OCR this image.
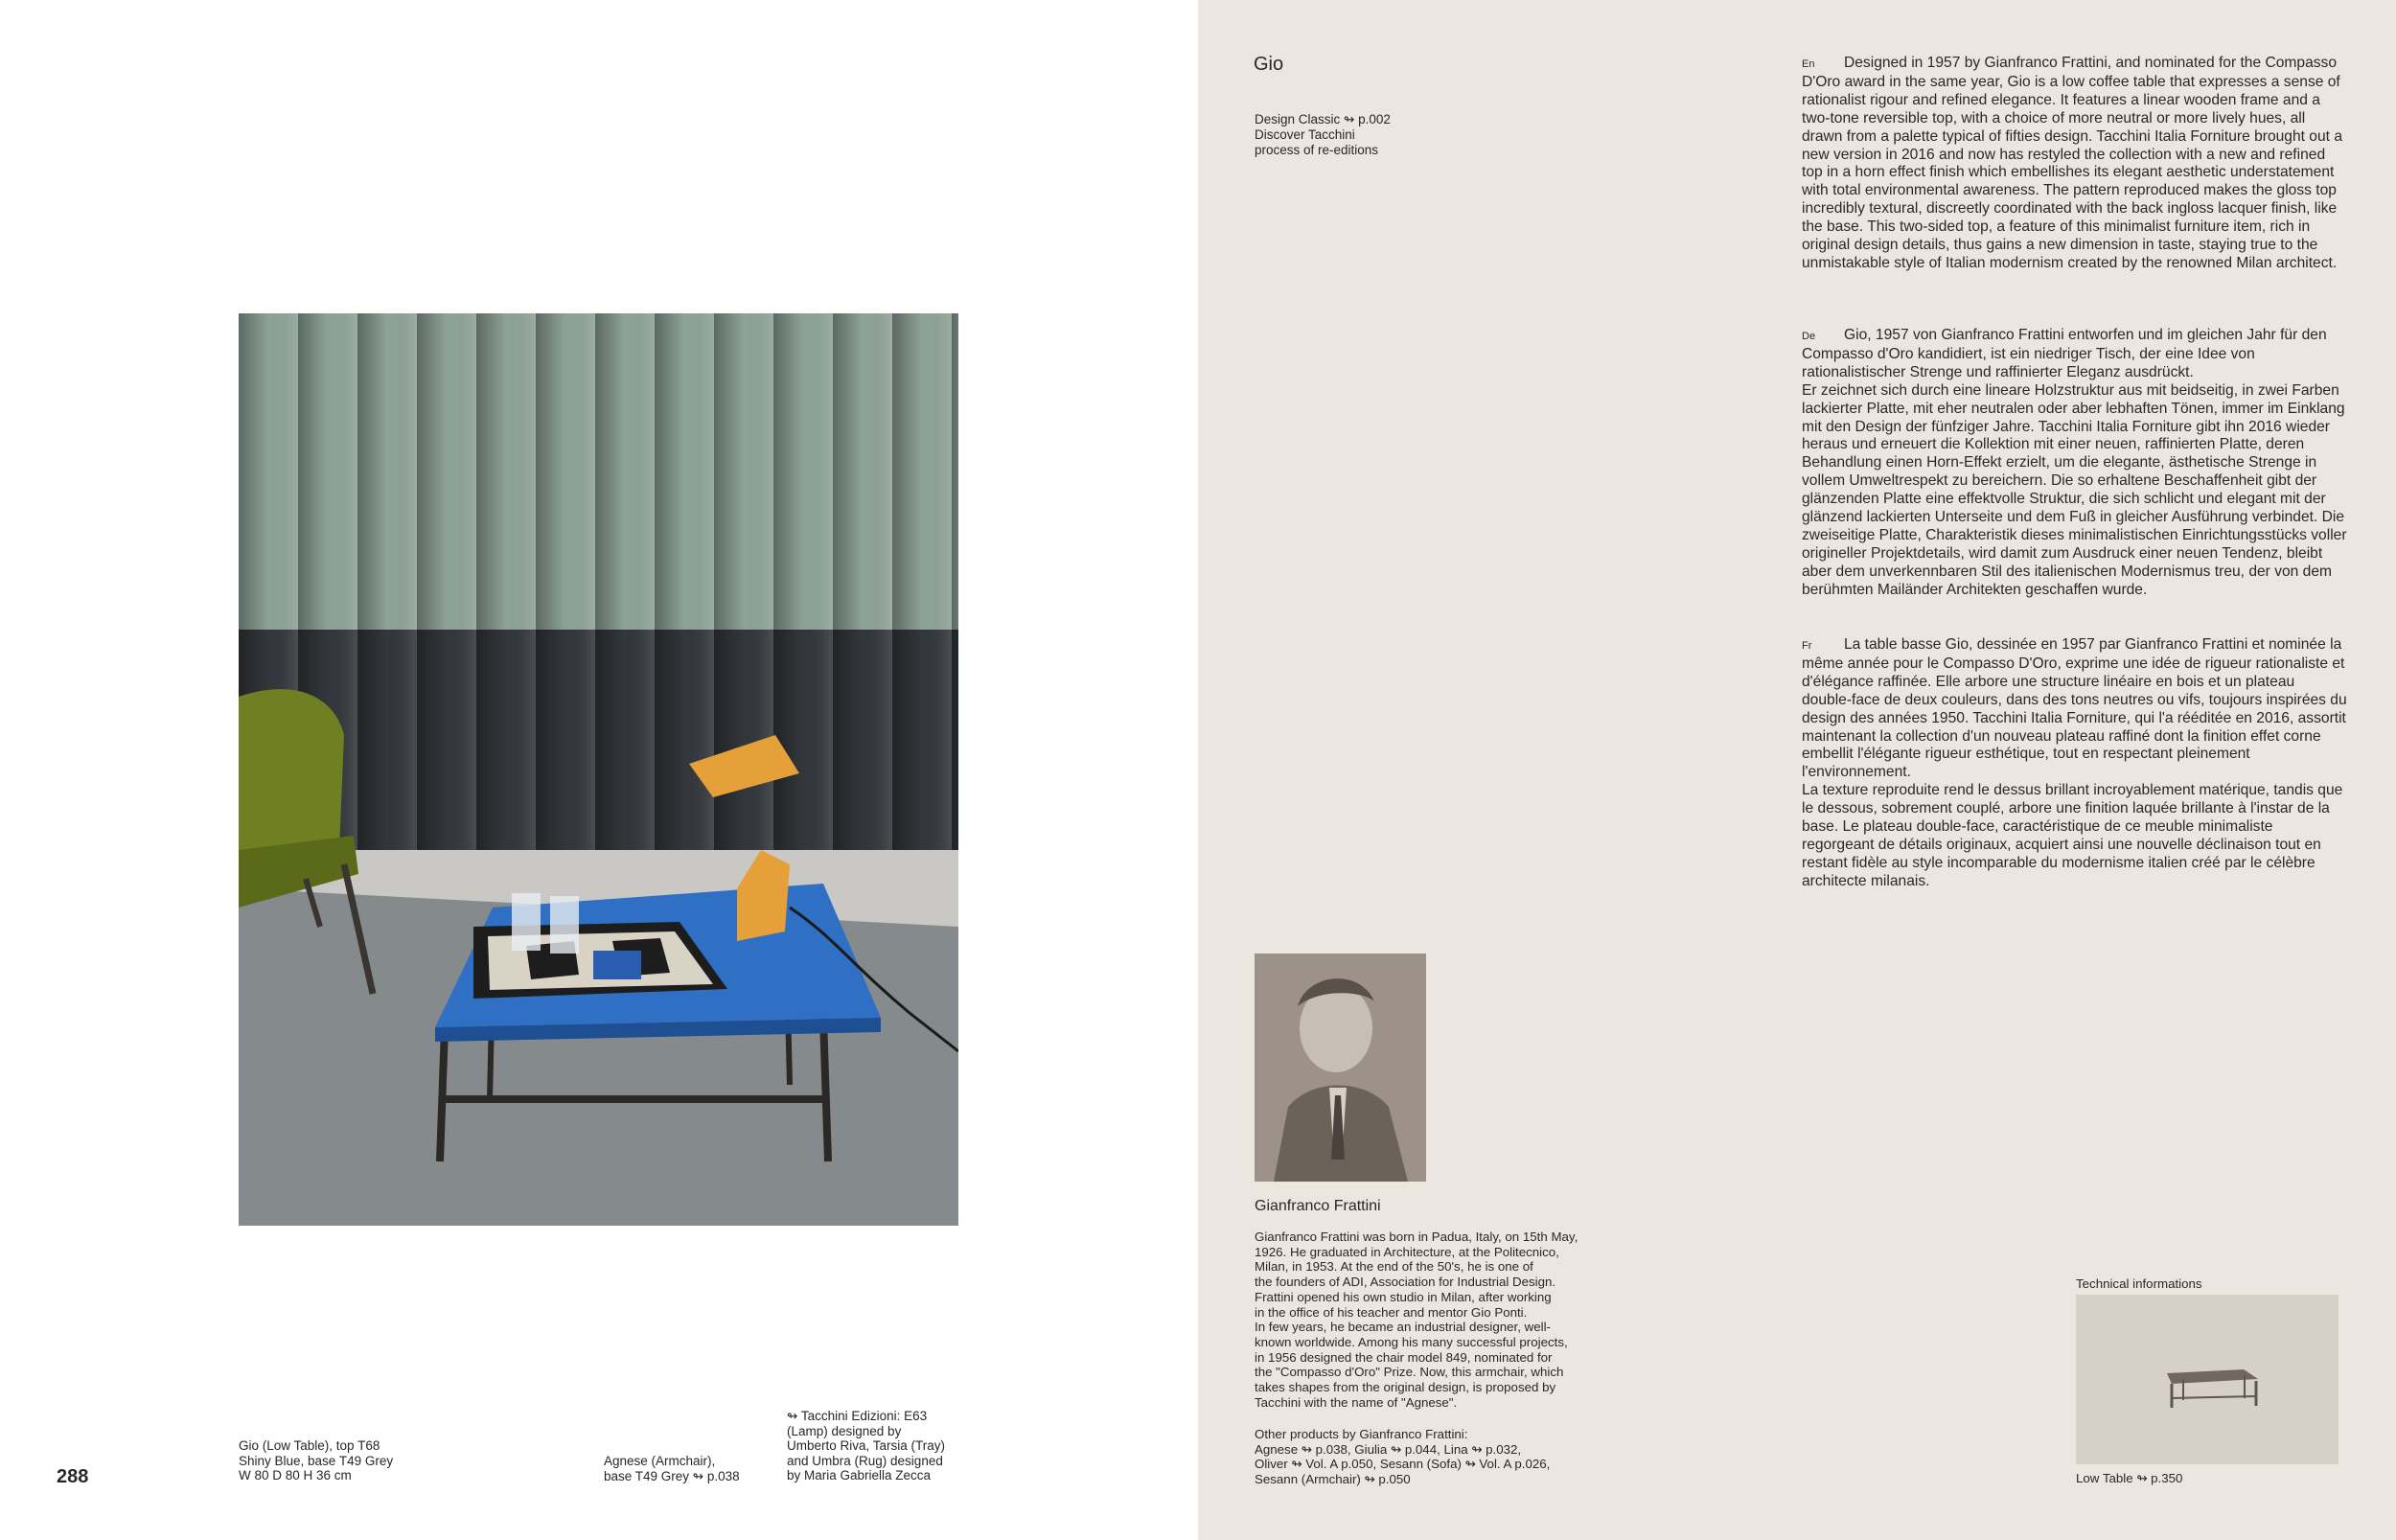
288
Gio (Low Table), top T68
Shiny Blue, base T49 Grey
W 80 D 80 H 36 cm
Agnese (Armchair),
base T49 Grey ↬ p.038
↬ Tacchini Edizioni: E63
(Lamp) designed by
Umberto Riva, Tarsia (Tray)
and Umbra (Rug) designed
by Maria Gabriella Zecca
Gio
Design Classic ↬ p.002
Discover Tacchini
process of re-editions

En Designed in 1957 by Gianfranco Frattini, and nominated for the Compasso D'Oro award in the same year, Gio is a low coffee table that expresses a sense of rationalist rigour and refined elegance. It features a linear wooden frame and a two-tone reversible top, with a choice of more neutral or more lively hues, all drawn from a palette typical of fifties design. Tacchini Italia Forniture brought out a new version in 2016 and now has restyled the collection with a new and refined top in a horn effect finish which embellishes its elegant aesthetic understatement with total environmental awareness. The pattern reproduced makes the gloss top incredibly textural, discreetly coordinated with the back ingloss lacquer finish, like the base. This two-sided top, a feature of this minimalist furniture item, rich in original design details, thus gains a new dimension in taste, staying true to the unmistakable style of Italian modernism created by the renowned Milan architect.

De Gio, 1957 von Gianfranco Frattini entworfen und im gleichen Jahr für den Compasso d'Oro kandidiert, ist ein niedriger Tisch, der eine Idee von rationalistischer Strenge und raffinierter Eleganz ausdrückt.
Er zeichnet sich durch eine lineare Holzstruktur aus mit beidseitig, in zwei Farben lackierter Platte, mit eher neutralen oder aber lebhaften Tönen, immer im Einklang mit den Design der fünfziger Jahre. Tacchini Italia Forniture gibt ihn 2016 wieder heraus und erneuert die Kollektion mit einer neuen, raffinierten Platte, deren Behandlung einen Horn-Effekt erzielt, um die elegante, ästhetische Strenge in vollem Umweltrespekt zu bereichern. Die so erhaltene Beschaffenheit gibt der glänzenden Platte eine effektvolle Struktur, die sich schlicht und elegant mit der glänzend lackierten Unterseite und dem Fuß in gleicher Ausführung verbindet. Die zweiseitige Platte, Charakteristik dieses minimalistischen Einrichtungsstücks voller origineller Projektdetails, wird damit zum Ausdruck einer neuen Tendenz, bleibt aber dem unverkennbaren Stil des italienischen Modernismus treu, der von dem berühmten Mailänder Architekten geschaffen wurde.

Fr La table basse Gio, dessinée en 1957 par Gianfranco Frattini et nominée la même année pour le Compasso D'Oro, exprime une idée de rigueur rationaliste et d'élégance raffinée. Elle arbore une structure linéaire en bois et un plateau double-face de deux couleurs, dans des tons neutres ou vifs, toujours inspirées du design des années 1950. Tacchini Italia Forniture, qui l'a rééditée en 2016, assortit maintenant la collection d'un nouveau plateau raffiné dont la finition effet corne embellit l'élégante rigueur esthétique, tout en respectant pleinement l'environnement.
La texture reproduite rend le dessus brillant incroyablement matérique, tandis que le dessous, sobrement couplé, arbore une finition laquée brillante à l'instar de la base. Le plateau double-face, caractéristique de ce meuble minimaliste regorgeant de détails originaux, acquiert ainsi une nouvelle déclinaison tout en restant fidèle au style incomparable du modernisme italien créé par le célèbre architecte milanais.

Gianfranco Frattini
Gianfranco Frattini was born in Padua, Italy, on 15th May,
1926. He graduated in Architecture, at the Politecnico,
Milan, in 1953. At the end of the 50's, he is one of
the founders of ADI, Association for Industrial Design.
Frattini opened his own studio in Milan, after working
in the office of his teacher and mentor Gio Ponti.
In few years, he became an industrial designer, well-
known worldwide. Among his many successful projects,
in 1956 designed the chair model 849, nominated for
the "Compasso d'Oro" Prize. Now, this armchair, which
takes shapes from the original design, is proposed by
Tacchini with the name of "Agnese".
Other products by Gianfranco Frattini:
Agnese ↬ p.038, Giulia ↬ p.044, Lina ↬ p.032,
Oliver ↬ Vol. A p.050, Sesann (Sofa) ↬ Vol. A p.026,
Sesann (Armchair) ↬ p.050
Technical informations
Low Table ↬ p.350
